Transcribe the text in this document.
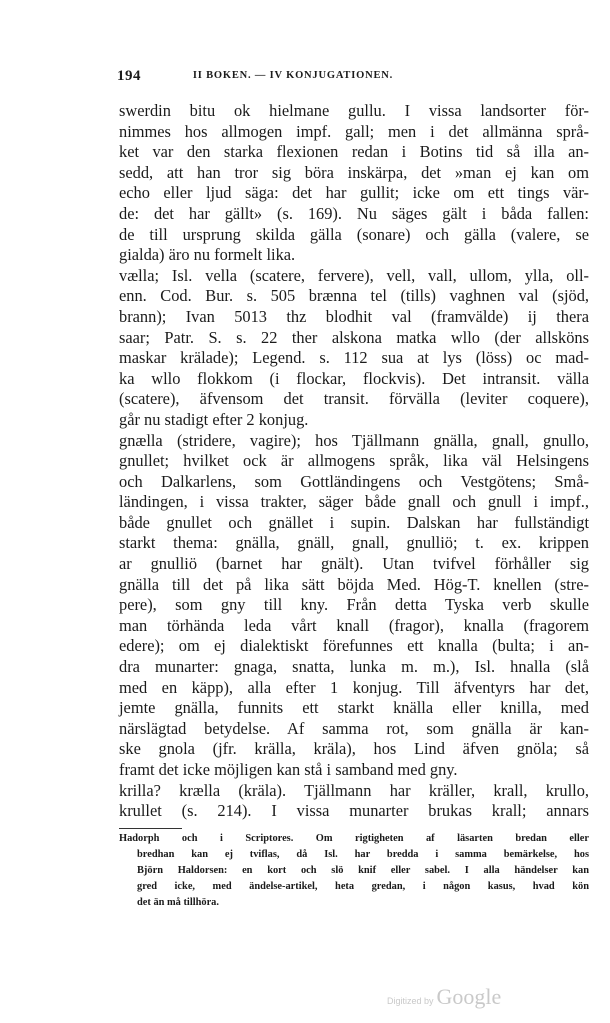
194	II BOKEN. — IV KONJUGATIONEN.
swerdin bitu ok hielmane gullu. I vissa landsorter för-
nimmes hos allmogen impf. gall; men i det allmänna språ-
ket var den starka flexionen redan i Botins tid så illa an-
sedd, att han tror sig böra inskärpa, det »man ej kan om
echo eller ljud säga: det har gullit; icke om ett tings vär-
de: det har gällt» (s. 169). Nu säges gält i båda fallen:
de till ursprung skilda gälla (sonare) och gälla (valere, se
gialda) äro nu formelt lika.
vælla; Isl. vella (scatere, fervere), vell, vall, ullom, ylla, oll-
enn. Cod. Bur. s. 505 brænna tel (tills) vaghnen val (sjöd,
brann); Ivan 5013 thz blodhit val (framvälde) ij thera
saar; Patr. S. s. 22 ther alskona matka wllo (der allsköns
maskar krälade); Legend. s. 112 sua at lys (löss) oc mad-
ka wllo flokkom (i flockar, flockvis). Det intransit. välla
(scatere), äfvensom det transit. förvälla (leviter coquere),
går nu stadigt efter 2 konjug.
gnælla (stridere, vagire); hos Tjällmann gnälla, gnall, gnullo,
gnullet; hvilket ock är allmogens språk, lika väl Helsingens
och Dalkarlens, som Gottländingens och Vestgötens; Små-
ländingen, i vissa trakter, säger både gnall och gnull i impf.,
både gnullet och gnället i supin. Dalskan har fullständigt
starkt thema: gnälla, gnäll, gnall, gnulliö; t. ex. krippen
ar gnulliö (barnet har gnält). Utan tvifvel förhåller sig
gnälla till det på lika sätt böjda Med. Hög-T. knellen (stre-
pere), som gny till kny. Från detta Tyska verb skulle
man törhända leda vårt knall (fragor), knalla (fragorem
edere); om ej dialektiskt förefunnes ett knalla (bulta; i an-
dra munarter: gnaga, snatta, lunka m. m.), Isl. hnalla (slå
med en käpp), alla efter 1 konjug. Till äfventyrs har det,
jemte gnälla, funnits ett starkt knälla eller knilla, med
närslägtad betydelse. Af samma rot, som gnälla är kan-
ske gnola (jfr. krälla, kräla), hos Lind äfven gnöla; så
framt det icke möjligen kan stå i samband med gny.
krilla? krælla (kräla). Tjällmann har kräller, krall, krullo,
krullet (s. 214). I vissa munarter brukas krall; annars
Hadorph och i Scriptores. Om rigtigheten af läsarten bredan eller
bredhan kan ej tviflas, då Isl. har bredda i samma bemärkelse, hos
Björn Haldorsen: en kort och slö knif eller sabel. I alla händelser kan
gred icke, med ändelse-artikel, heta gredan, i någon kasus, hvad kön
det än må tillhöra.
Digitized by Google
